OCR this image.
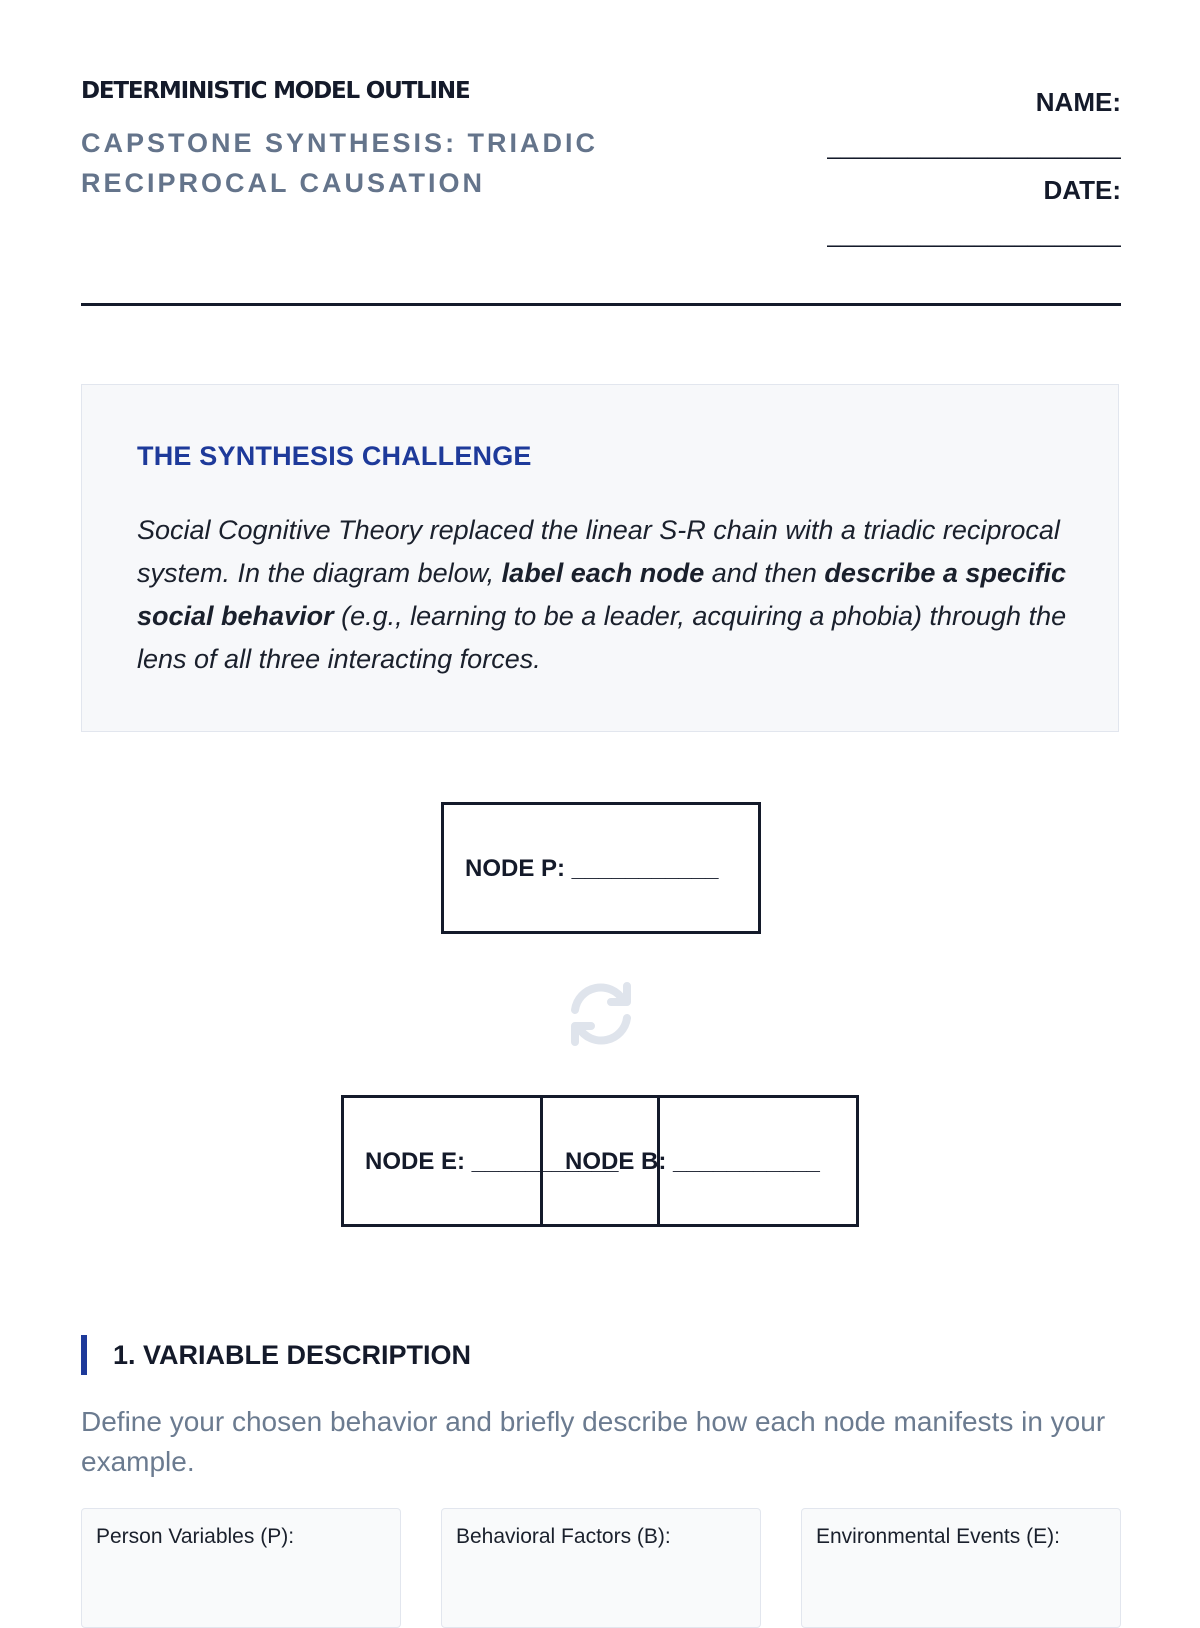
DETERMINISTIC MODEL OUTLINE
CAPSTONE SYNTHESIS: TRIADIC RECIPROCAL CAUSATION
NAME:
______________________
DATE:
______________________
THE SYNTHESIS CHALLENGE

Social Cognitive Theory replaced the linear S-R chain with a triadic reciprocal system. In the diagram below, label each node and then describe a specific social behavior (e.g., learning to be a leader, acquiring a phobia) through the lens of all three interacting forces.

NODE P: ___________
NODE E: ___________
NODE B: ___________
1. VARIABLE DESCRIPTION

Define your chosen behavior and briefly describe how each node manifests in your example.

Person Variables (P):	Behavioral Factors (B):	Environmental Events (E):
